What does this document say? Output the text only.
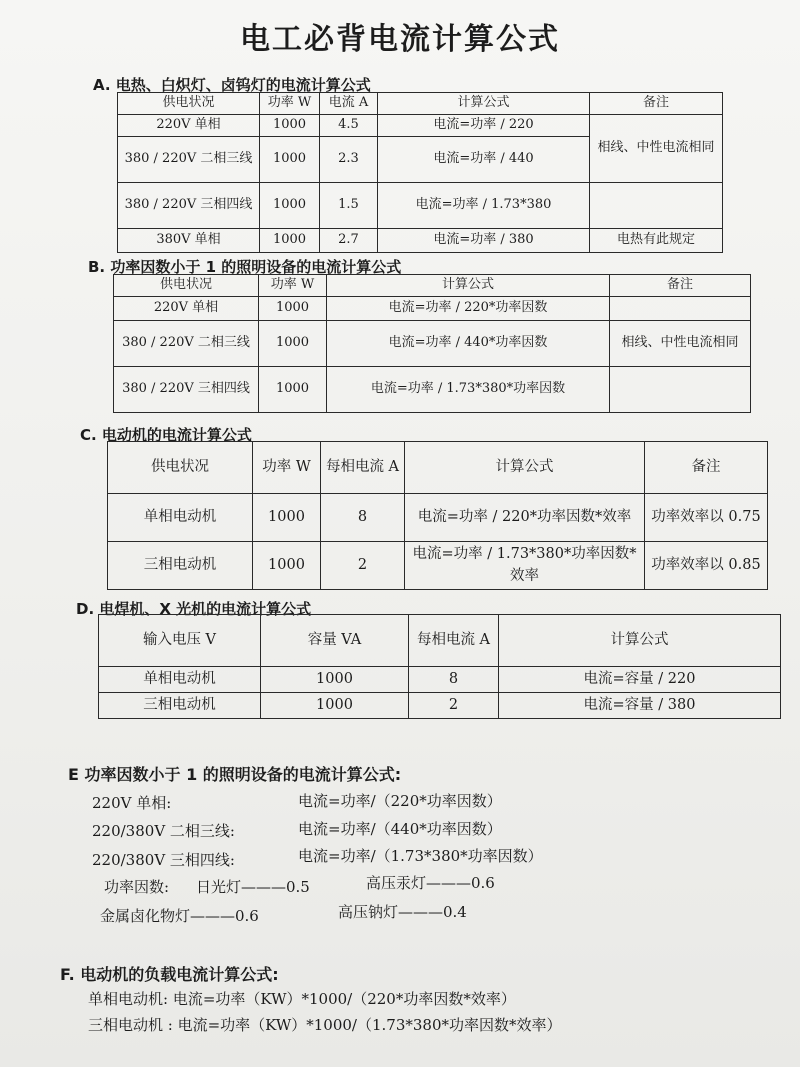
电工必背电流计算公式
A. 电热、白炽灯、卤钨灯的电流计算公式
供电状况	功率 W	电流 A	计算公式	备注
220V 单相	1000	4.5	电流=功率 / 220	相线、中性电流相同
380 / 220V 二相三线	1000	2.3	电流=功率 / 440	
380 / 220V 三相四线	1000	1.5	电流=功率 / 1.73*380	
380V 单相	1000	2.7	电流=功率 / 380	电热有此规定
B. 功率因数小于 1 的照明设备的电流计算公式
供电状况	功率 W	计算公式	备注
220V 单相	1000	电流=功率 / 220*功率因数	
380 / 220V 二相三线	1000	电流=功率 / 440*功率因数	相线、中性电流相同
380 / 220V 三相四线	1000	电流=功率 / 1.73*380*功率因数	
C. 电动机的电流计算公式
供电状况	功率 W	每相电流 A	计算公式	备注
单相电动机	1000	8	电流=功率 / 220*功率因数*效率	功率效率以 0.75
三相电动机	1000	2	电流=功率 / 1.73*380*功率因数*效率	功率效率以 0.85
D. 电焊机、X 光机的电流计算公式
输入电压 V	容量 VA	每相电流 A	计算公式
单相电动机	1000	8	电流=容量 / 220
三相电动机	1000	2	电流=容量 / 380
E 功率因数小于 1 的照明设备的电流计算公式:
220V 单相:	电流=功率/（220*功率因数）
220/380V 二相三线:	电流=功率/（440*功率因数）
220/380V 三相四线:	电流=功率/（1.73*380*功率因数）
功率因数: 日光灯———0.5	高压汞灯———0.6
金属卤化物灯———0.6	高压钠灯———0.4
F. 电动机的负载电流计算公式:
单相电动机: 电流=功率（KW）*1000/（220*功率因数*效率）
三相电动机 : 电流=功率（KW）*1000/（1.73*380*功率因数*效率）
